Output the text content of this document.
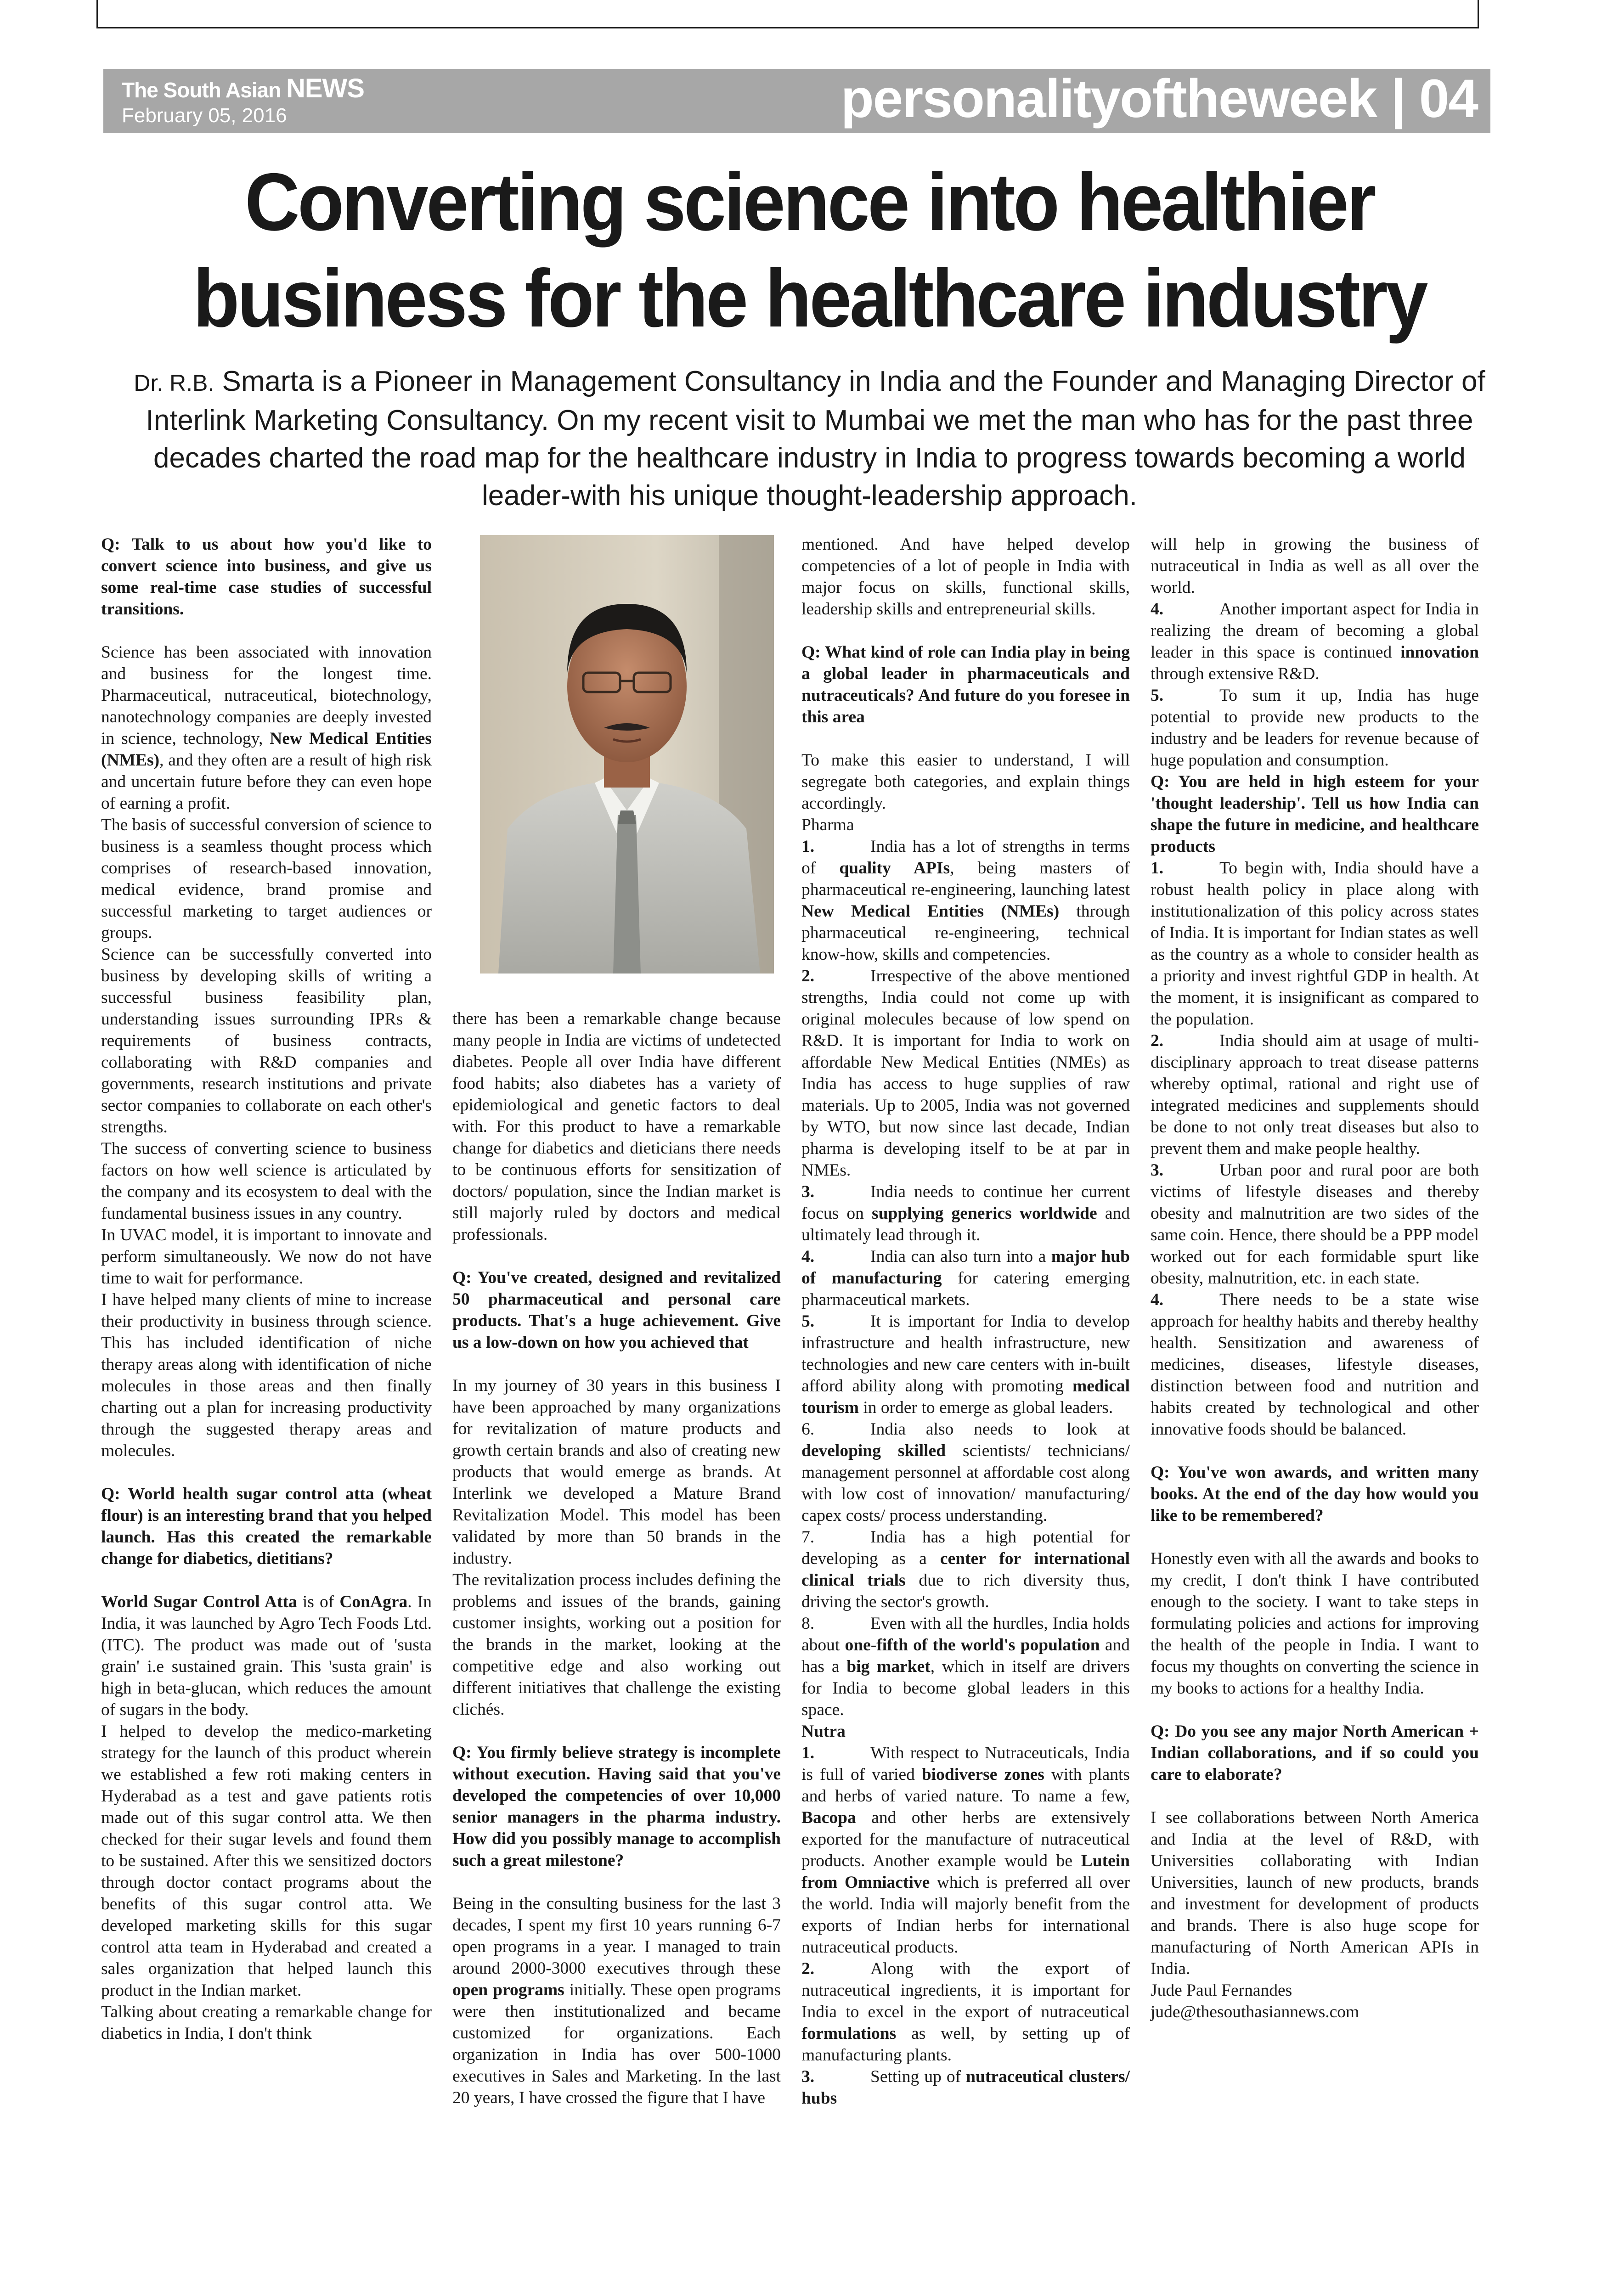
The South Asian NEWS
February 05, 2016	personalityoftheweek | 04
Converting science into healthier
business for the healthcare industry
Dr. R.B. Smarta is a Pioneer in Management Consultancy in India and the Founder and Managing Director of Interlink Marketing Consultancy. On my recent visit to Mumbai we met the man who has for the past three decades charted the road map for the healthcare industry in India to progress towards becoming a world leader-with his unique thought-leadership approach.

Q: Talk to us about how you'd like to convert science into business, and give us some real-time case studies of successful transitions.

Science has been associated with innovation and business for the longest time. Pharmaceutical, nutraceutical, biotechnology, nanotechnology companies are deeply invested in science, technology, New Medical Entities (NMEs), and they often are a result of high risk and uncertain future before they can even hope of earning a profit.

The basis of successful conversion of science to business is a seamless thought process which comprises of research-based innovation, medical evidence, brand promise and successful marketing to target audiences or groups.

Science can be successfully converted into business by developing skills of writing a successful business feasibility plan, understanding issues surrounding IPRs & requirements of business contracts, collaborating with R&D companies and governments, research institutions and private sector companies to collaborate on each other's strengths.

The success of converting science to business factors on how well science is articulated by the company and its ecosystem to deal with the fundamental business issues in any country.

In UVAC model, it is important to innovate and perform simultaneously. We now do not have time to wait for performance.

I have helped many clients of mine to increase their productivity in business through science. This has included identification of niche therapy areas along with identification of niche molecules in those areas and then finally charting out a plan for increasing productivity through the suggested therapy areas and molecules.

Q: World health sugar control atta (wheat flour) is an interesting brand that you helped launch. Has this created the remarkable change for diabetics, dietitians?

World Sugar Control Atta is of ConAgra. In India, it was launched by Agro Tech Foods Ltd. (ITC). The product was made out of 'susta grain' i.e sustained grain. This 'susta grain' is high in beta-glucan, which reduces the amount of sugars in the body.

I helped to develop the medico-marketing strategy for the launch of this product wherein we established a few roti making centers in Hyderabad as a test and gave patients rotis made out of this sugar control atta. We then checked for their sugar levels and found them to be sustained. After this we sensitized doctors through doctor contact programs about the benefits of this sugar control atta. We developed marketing skills for this sugar control atta team in Hyderabad and created a sales organization that helped launch this product in the Indian market.

Talking about creating a remarkable change for diabetics in India, I don't think

there has been a remarkable change because many people in India are victims of undetected diabetes. People all over India have different food habits; also diabetes has a variety of epidemiological and genetic factors to deal with. For this product to have a remarkable change for diabetics and dieticians there needs to be continuous efforts for sensitization of doctors/ population, since the Indian market is still majorly ruled by doctors and medical professionals.

Q: You've created, designed and revitalized 50 pharmaceutical and personal care products. That's a huge achievement. Give us a low-down on how you achieved that

In my journey of 30 years in this business I have been approached by many organizations for revitalization of mature products and growth certain brands and also of creating new products that would emerge as brands. At Interlink we developed a Mature Brand Revitalization Model. This model has been validated by more than 50 brands in the industry.

The revitalization process includes defining the problems and issues of the brands, gaining customer insights, working out a position for the brands in the market, looking at the competitive edge and also working out different initiatives that challenge the existing clichés.

Q: You firmly believe strategy is incomplete without execution. Having said that you've developed the competencies of over 10,000 senior managers in the pharma industry. How did you possibly manage to accomplish such a great milestone?

Being in the consulting business for the last 3 decades, I spent my first 10 years running 6-7 open programs in a year. I managed to train around 2000-3000 executives through these open programs initially. These open programs were then institutionalized and became customized for organizations. Each organization in India has over 500-1000 executives in Sales and Marketing. In the last 20 years, I have crossed the figure that I have

mentioned. And have helped develop competencies of a lot of people in India with major focus on skills, functional skills, leadership skills and entrepreneurial skills.

Q: What kind of role can India play in being a global leader in pharmaceuticals and nutraceuticals? And future do you foresee in this area

To make this easier to understand, I will segregate both categories, and explain things accordingly.

Pharma

1.	India has a lot of strengths in terms of quality APIs, being masters of pharmaceutical re-engineering, launching latest New Medical Entities (NMEs) through pharmaceutical re-engineering, technical know-how, skills and competencies.

2.	Irrespective of the above mentioned strengths, India could not come up with original molecules because of low spend on R&D. It is important for India to work on affordable New Medical Entities (NMEs) as India has access to huge supplies of raw materials. Up to 2005, India was not governed by WTO, but now since last decade, Indian pharma is developing itself to be at par in NMEs.

3.	India needs to continue her current focus on supplying generics worldwide and ultimately lead through it.

4.	India can also turn into a major hub of manufacturing for catering emerging pharmaceutical markets.

5.	It is important for India to develop infrastructure and health infrastructure, new technologies and new care centers with in-built afford ability along with promoting medical tourism in order to emerge as global leaders.

6.	India also needs to look at developing skilled scientists/ technicians/ management personnel at affordable cost along with low cost of innovation/ manufacturing/ capex costs/ process understanding.

7.	India has a high potential for developing as a center for international clinical trials due to rich diversity thus, driving the sector's growth.

8.	Even with all the hurdles, India holds about one-fifth of the world's population and has a big market, which in itself are drivers for India to become global leaders in this space.

Nutra

1.	With respect to Nutraceuticals, India is full of varied biodiverse zones with plants and herbs of varied nature. To name a few, Bacopa and other herbs are extensively exported for the manufacture of nutraceutical products. Another example would be Lutein from Omniactive which is preferred all over the world. India will majorly benefit from the exports of Indian herbs for international nutraceutical products.

2.	Along with the export of nutraceutical ingredients, it is important for India to excel in the export of nutraceutical formulations as well, by setting up of manufacturing plants.

3.	Setting up of nutraceutical clusters/ hubs

will help in growing the business of nutraceutical in India as well as all over the world.

4.	Another important aspect for India in realizing the dream of becoming a global leader in this space is continued innovation through extensive R&D.

5.	To sum it up, India has huge potential to provide new products to the industry and be leaders for revenue because of huge population and consumption.

Q: You are held in high esteem for your 'thought leadership'. Tell us how India can shape the future in medicine, and healthcare products

1.	To begin with, India should have a robust health policy in place along with institutionalization of this policy across states of India. It is important for Indian states as well as the country as a whole to consider health as a priority and invest rightful GDP in health. At the moment, it is insignificant as compared to the population.

2.	India should aim at usage of multi-disciplinary approach to treat disease patterns whereby optimal, rational and right use of integrated medicines and supplements should be done to not only treat diseases but also to prevent them and make people healthy.

3.	Urban poor and rural poor are both victims of lifestyle diseases and thereby obesity and malnutrition are two sides of the same coin. Hence, there should be a PPP model worked out for each formidable spurt like obesity, malnutrition, etc. in each state.

4.	There needs to be a state wise approach for healthy habits and thereby healthy health. Sensitization and awareness of medicines, diseases, lifestyle diseases, distinction between food and nutrition and habits created by technological and other innovative foods should be balanced.

Q: You've won awards, and written many books. At the end of the day how would you like to be remembered?

Honestly even with all the awards and books to my credit, I don't think I have contributed enough to the society. I want to take steps in formulating policies and actions for improving the health of the people in India. I want to focus my thoughts on converting the science in my books to actions for a healthy India.

Q: Do you see any major North American + Indian collaborations, and if so could you care to elaborate?

I see collaborations between North America and India at the level of R&D, with Universities collaborating with Indian Universities, launch of new products, brands and investment for development of products and brands. There is also huge scope for manufacturing of North American APIs in India.

Jude Paul Fernandes

jude@thesouthasiannews.com
